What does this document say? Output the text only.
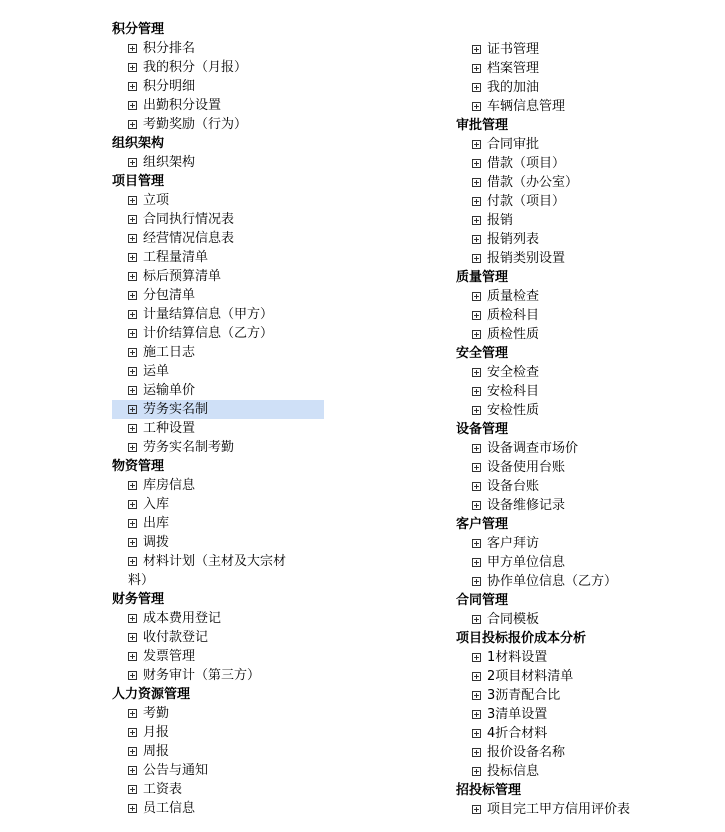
积分管理
积分排名
我的积分（月报）
积分明细
出勤积分设置
考勤奖励（行为）
组织架构
组织架构
项目管理
立项
合同执行情况表
经营情况信息表
工程量清单
标后预算清单
分包清单
计量结算信息（甲方）
计价结算信息（乙方）
施工日志
运单
运输单价
劳务实名制
工种设置
劳务实名制考勤
物资管理
库房信息
入库
出库
调拨
材料计划（主材及大宗材料）
财务管理
成本费用登记
收付款登记
发票管理
财务审计（第三方）
人力资源管理
考勤
月报
周报
公告与通知
工资表
员工信息
证书管理
档案管理
我的加油
车辆信息管理
审批管理
合同审批
借款（项目）
借款（办公室）
付款（项目）
报销
报销列表
报销类别设置
质量管理
质量检查
质检科目
质检性质
安全管理
安全检查
安检科目
安检性质
设备管理
设备调查市场价
设备使用台账
设备台账
设备维修记录
客户管理
客户拜访
甲方单位信息
协作单位信息（乙方）
合同管理
合同模板
项目投标报价成本分析
1材料设置
2项目材料清单
3沥青配合比
3清单设置
4折合材料
报价设备名称
投标信息
招投标管理
项目完工甲方信用评价表
